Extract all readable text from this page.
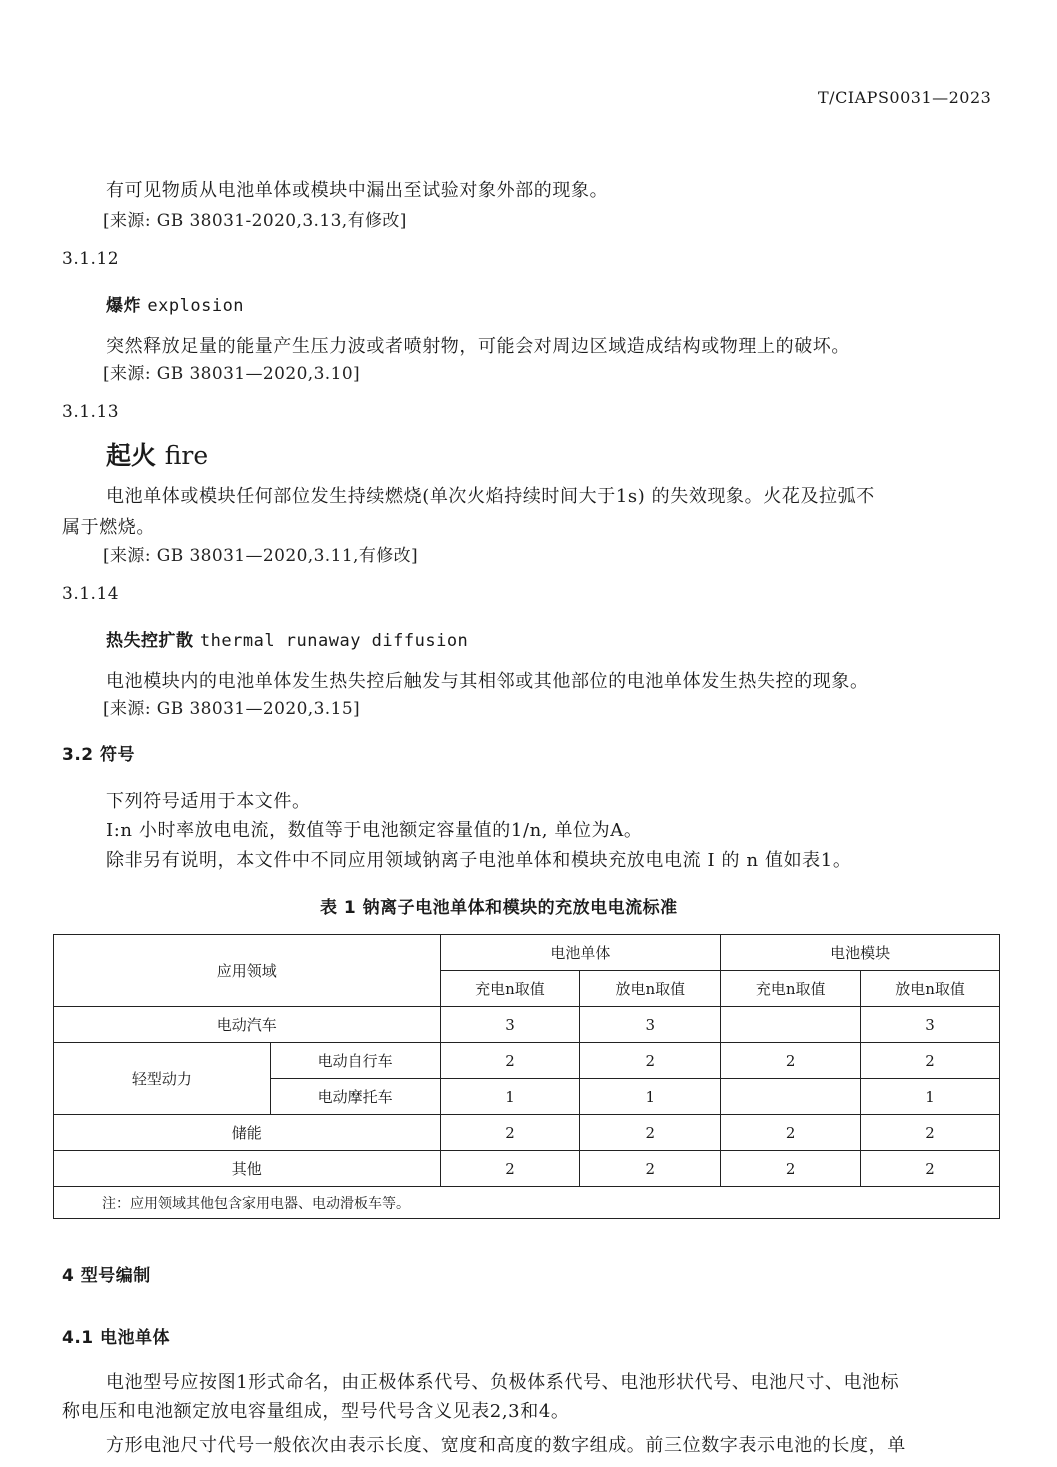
T/CIAPS0031—2023
有可见物质从电池单体或模块中漏出至试验对象外部的现象。
[来源: GB 38031-2020,3.13,有修改]
3.1.12
爆炸 explosion
突然释放足量的能量产生压力波或者喷射物，可能会对周边区域造成结构或物理上的破坏。
[来源: GB 38031—2020,3.10]
3.1.13
起火 fire
电池单体或模块任何部位发生持续燃烧(单次火焰持续时间大于1s) 的失效现象。火花及拉弧不
属于燃烧。
[来源: GB 38031—2020,3.11,有修改]
3.1.14
热失控扩散 thermal runaway diffusion
电池模块内的电池单体发生热失控后触发与其相邻或其他部位的电池单体发生热失控的现象。
[来源: GB 38031—2020,3.15]
3.2 符号
下列符号适用于本文件。
I:n 小时率放电电流，数值等于电池额定容量值的1/n, 单位为A。
除非另有说明，本文件中不同应用领域钠离子电池单体和模块充放电电流 I 的 n 值如表1。
表 1 钠离子电池单体和模块的充放电电流标准
应用领域		电池单体		电池模块	
		充电n取值	放电n取值	充电n取值	放电n取值
电动汽车		3	3		3
轻型动力	电动自行车	2	2	2	2
	电动摩托车	1	1		1
储能		2	2	2	2
其他		2	2	2	2
注：应用领域其他包含家用电器、电动滑板车等。					
4 型号编制
4.1 电池单体
电池型号应按图1形式命名，由正极体系代号、负极体系代号、电池形状代号、电池尺寸、电池标
称电压和电池额定放电容量组成，型号代号含义见表2,3和4。
方形电池尺寸代号一般依次由表示长度、宽度和高度的数字组成。前三位数字表示电池的长度，单
